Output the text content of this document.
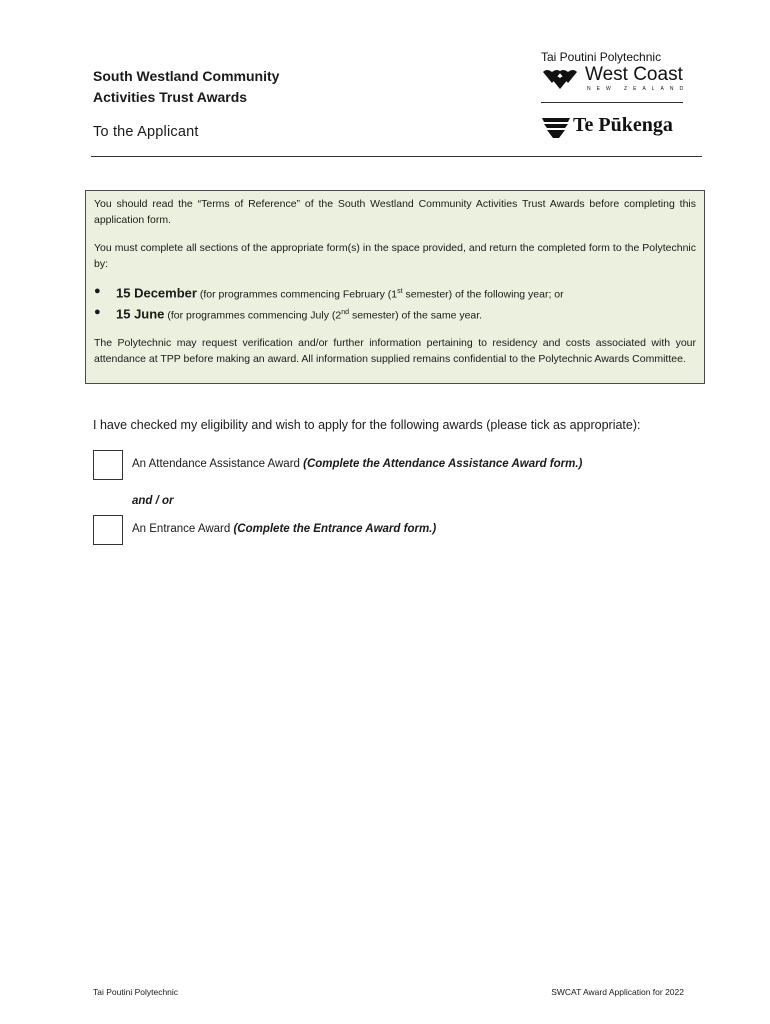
South Westland Community
Activities Trust Awards
To the Applicant
Tai Poutini Polytechnic
West Coast
NEW ZEALAND
Te Pūkenga

You should read the “Terms of Reference” of the South Westland Community Activities Trust Awards before completing this application form.

You must complete all sections of the appropriate form(s) in the space provided, and return the completed form to the Polytechnic by:

● 15 December (for programmes commencing February (1st semester) of the following year; or
● 15 June (for programmes commencing July (2nd semester) of the same year.

The Polytechnic may request verification and/or further information pertaining to residency and costs associated with your attendance at TPP before making an award. All information supplied remains confidential to the Polytechnic Awards Committee.

I have checked my eligibility and wish to apply for the following awards (please tick as appropriate):
An Attendance Assistance Award (Complete the Attendance Assistance Award form.)
and / or
An Entrance Award (Complete the Entrance Award form.)
Tai Poutini Polytechnic	SWCAT Award Application for 2022
